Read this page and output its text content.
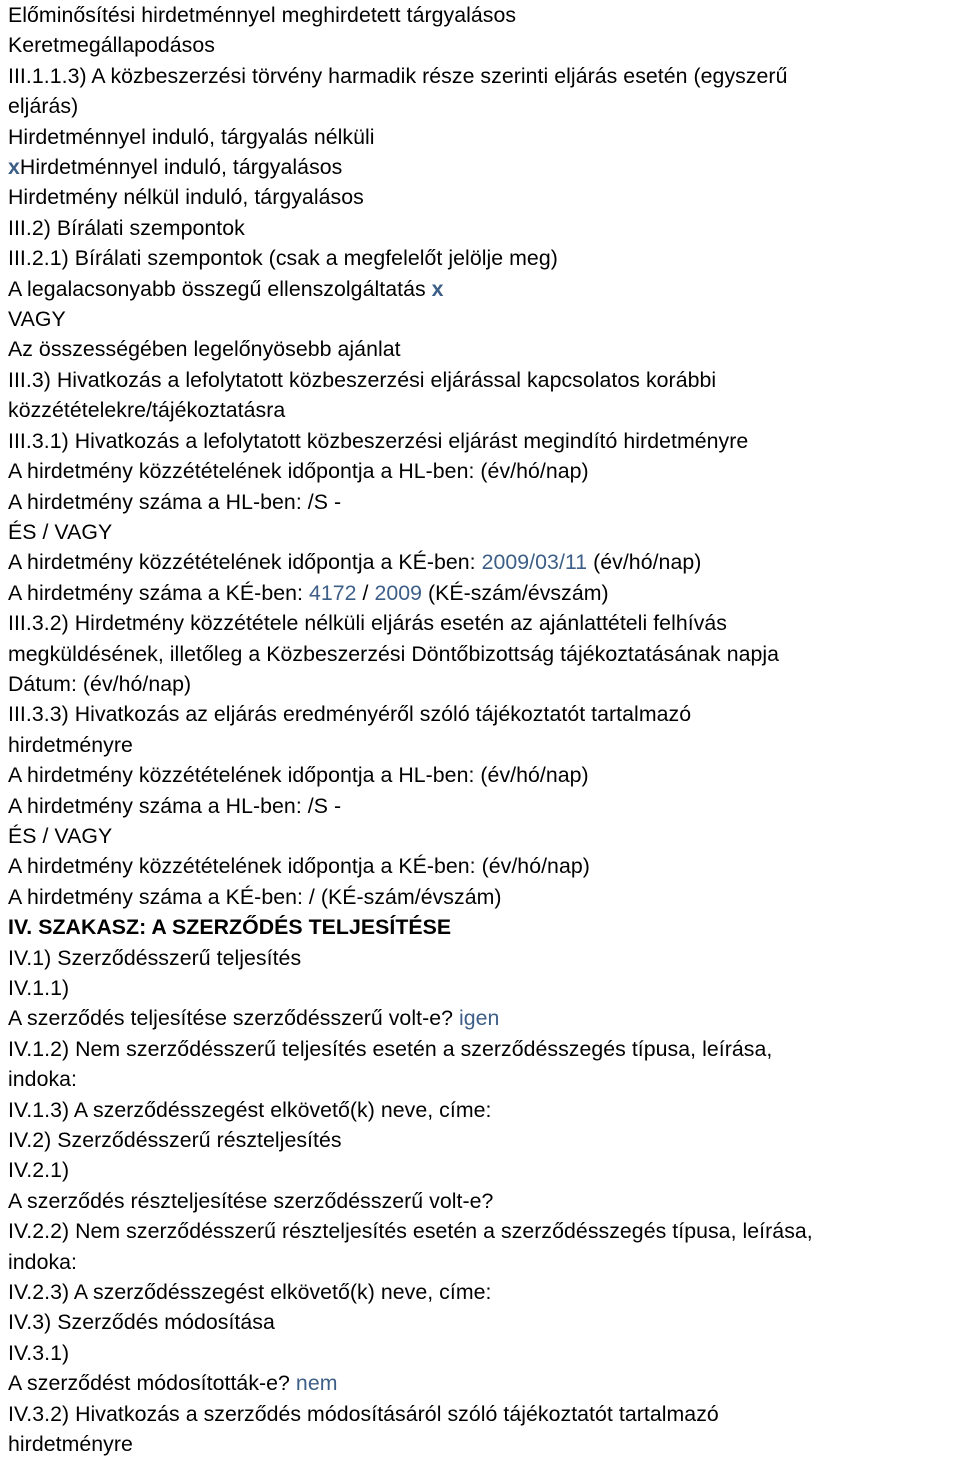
Előminősítési hirdetménnyel meghirdetett tárgyalásos
Keretmegállapodásos
III.1.1.3) A közbeszerzési törvény harmadik része szerinti eljárás esetén (egyszerű
eljárás)
Hirdetménnyel induló, tárgyalás nélküli
xHirdetménnyel induló, tárgyalásos
Hirdetmény nélkül induló, tárgyalásos
III.2) Bírálati szempontok
III.2.1) Bírálati szempontok (csak a megfelelőt jelölje meg)
A legalacsonyabb összegű ellenszolgáltatás x
VAGY
Az összességében legelőnyösebb ajánlat
III.3) Hivatkozás a lefolytatott közbeszerzési eljárással kapcsolatos korábbi
közzétételekre/tájékoztatásra
III.3.1) Hivatkozás a lefolytatott közbeszerzési eljárást megindító hirdetményre
A hirdetmény közzétételének időpontja a HL-ben: (év/hó/nap)
A hirdetmény száma a HL-ben: /S -
ÉS / VAGY
A hirdetmény közzétételének időpontja a KÉ-ben: 2009/03/11 (év/hó/nap)
A hirdetmény száma a KÉ-ben: 4172 / 2009 (KÉ-szám/évszám)
III.3.2) Hirdetmény közzététele nélküli eljárás esetén az ajánlattételi felhívás
megküldésének, illetőleg a Közbeszerzési Döntőbizottság tájékoztatásának napja
Dátum: (év/hó/nap)
III.3.3) Hivatkozás az eljárás eredményéről szóló tájékoztatót tartalmazó
hirdetményre
A hirdetmény közzétételének időpontja a HL-ben: (év/hó/nap)
A hirdetmény száma a HL-ben: /S -
ÉS / VAGY
A hirdetmény közzétételének időpontja a KÉ-ben: (év/hó/nap)
A hirdetmény száma a KÉ-ben: / (KÉ-szám/évszám)
IV. SZAKASZ: A SZERZŐDÉS TELJESÍTÉSE
IV.1) Szerződésszerű teljesítés
IV.1.1)
A szerződés teljesítése szerződésszerű volt-e? igen
IV.1.2) Nem szerződésszerű teljesítés esetén a szerződésszegés típusa, leírása,
indoka:
IV.1.3) A szerződésszegést elkövető(k) neve, címe:
IV.2) Szerződésszerű részteljesítés
IV.2.1)
A szerződés részteljesítése szerződésszerű volt-e?
IV.2.2) Nem szerződésszerű részteljesítés esetén a szerződésszegés típusa, leírása,
indoka:
IV.2.3) A szerződésszegést elkövető(k) neve, címe:
IV.3) Szerződés módosítása
IV.3.1)
A szerződést módosították-e? nem
IV.3.2) Hivatkozás a szerződés módosításáról szóló tájékoztatót tartalmazó
hirdetményre
